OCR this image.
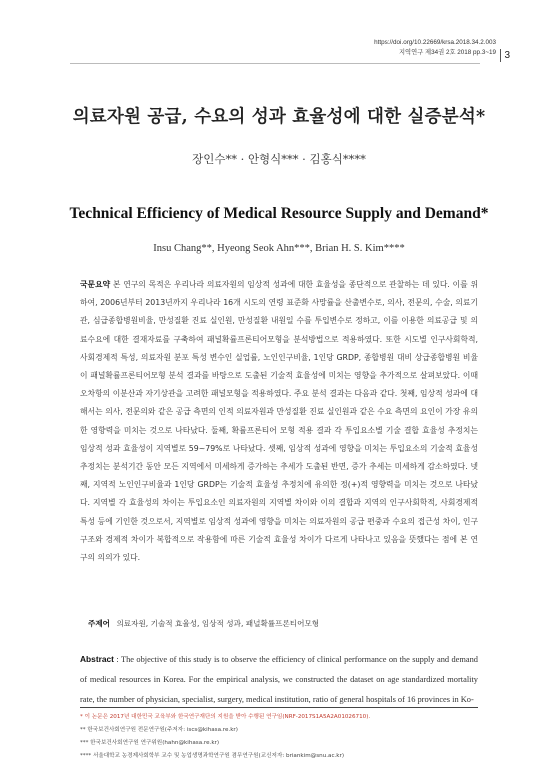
https://doi.org/10.22669/krsa.2018.34.2.003
지역연구 제34권 2호 2018 pp.3~19 3
의료자원 공급, 수요의 성과 효율성에 대한 실증분석*
장인수** · 안형식*** · 김홍식****
Technical Efficiency of Medical Resource Supply and Demand*
Insu Chang**, Hyeong Seok Ahn***, Brian H. S. Kim****
국문요약 본 연구의 목적은 우리나라 의료자원의 임상적 성과에 대한 효율성을 종단적으로 관찰하는 데 있다. 이를 위하여, 2006년부터 2013년까지 우리나라 16개 시도의 연령 표준화 사망률을 산출변수로, 의사, 전문의, 수술, 의료기관, 심급종합병원비율, 만성질환 진료 실인원, 만성질환 내원일 수를 투입변수로 정하고, 이를 이용한 의료공급 및 의료수요에 대한 결재자료를 구축하여 패널확률프론티어모형을 분석방법으로 적용하였다. 또한 시도별 인구사회학적, 사회경제적 특성, 의료자원 분포 특성 변수인 실업률, 노인인구비율, 1인당 GRDP, 종합병원 대비 상급종합병원 비율이 패널확률프론티어모형 분석 결과를 바탕으로 도출된 기술적 효율성에 미치는 영향을 추가적으로 살펴보았다. 이때 오차항의 이분산과 자기상관을 고려한 패널모형을 적용하였다. 주요 분석 결과는 다음과 같다. 첫째, 임상적 성과에 대해서는 의사, 전문의와 같은 공급 측면의 인적 의료자원과 만성질환 진료 실인원과 같은 수요 측면의 요인이 가장 유의한 영향력을 미치는 것으로 나타났다. 둘째, 확률프론티어 모형 적용 결과 각 투입요소별 기술 결합 효율성 추정치는 임상적 성과 효율성이 지역별로 59~79%로 나타났다. 셋째, 임상적 성과에 영향을 미치는 투입요소의 기술적 효율성 추정치는 분석기간 동안 모든 지역에서 미세하게 증가하는 추세가 도출된 반면, 증가 추세는 미세하게 감소하였다. 넷째, 지역적 노인인구비율과 1인당 GRDP는 기술적 효율성 추정치에 유의한 정(+)적 영향력을 미치는 것으로 나타났다. 지역별 각 효율성의 차이는 투입요소인 의료자원의 지역별 차이와 이의 결합과 지역의 인구사회학적, 사회경제적 특성 등에 기인한 것으로서, 지역별로 임상적 성과에 영향을 미치는 의료자원의 공급 편중과 수요의 접근성 차이, 인구구조와 경제적 차이가 복합적으로 작용함에 따른 기술적 효율성 차이가 다르게 나타나고 있음을 뜻했다는 점에 본 연구의 의의가 있다.
주제어 의료자원, 기술적 효율성, 임상적 성과, 패널확률프론티어모형
Abstract : The objective of this study is to observe the efficiency of clinical performance on the supply and demand of medical resources in Korea. For the empirical analysis, we constructed the dataset on age standardized mortality rate, the number of physician, specialist, surgery, medical institution, ratio of general hospitals of 16 provinces in Ko-
* 이 논문은 2017년 대한민국 교육부와 한국연구재단의 지원을 받아 수행된 연구임(NRF-2017S1A5A2A01026710).
** 한국보건사회연구원 전문연구원(주저자: iscs@kihasa.re.kr)
*** 한국보건사회연구원 연구위원(hahn@kihasa.re.kr)
**** 서울대학교 농경제사회학부 교수 및 농업생명과학연구원 겸무연구원(교신저자: briankim@snu.ac.kr)
